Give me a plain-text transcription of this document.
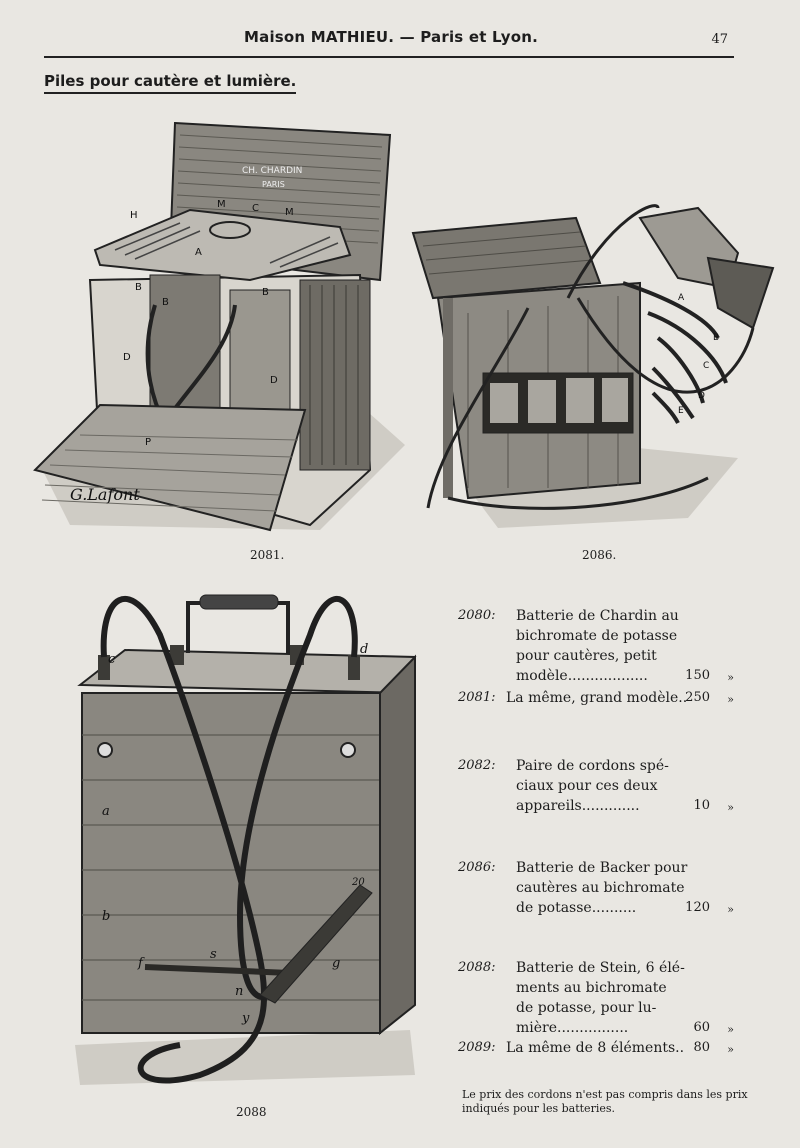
Maison MATHIEU. — Paris et Lyon.	47
Piles pour cautère et lumière.
CH. CHARDIN
PARIS
H
M	C	M
A
B	B
B
D
D
P
G.Lafont
2081.
A
B
C
D
E
2086.
c
d
a
b
f
s
g
n
y
20
2088
2080: Batterie de Chardin au
bichromate de potasse
pour cautères, petit
modèle..................	150 »
2081: La même, grand modèle..
250 »
2082: Paire de cordons spé-
ciaux pour ces deux
appareils.............	10 »
2086: Batterie de Backer pour
cautères au bichromate
de potasse..........	120 »
2088: Batterie de Stein, 6 élé-
ments au bichromate
de potasse, pour lu-
mière................	60 »
2089: La même de 8 éléments.. 80 »
Le prix des cordons n'est pas compris dans les prix indiqués pour les batteries.
